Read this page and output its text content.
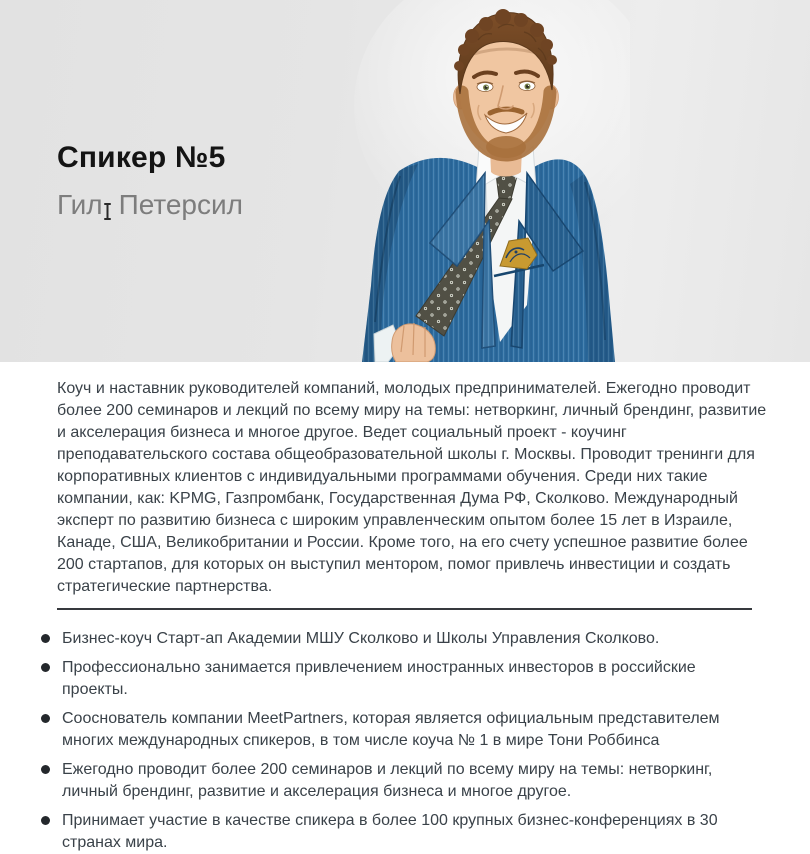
Спикер №5
Гил Петерсил

Коуч и наставник руководителей компаний, молодых предпринимателей. Ежегодно проводит более 200 семинаров и лекций по всему миру на темы: нетворкинг, личный брендинг, развитие и акселерация бизнеса и многое другое. Ведет социальный проект - коучинг преподавательского состава общеобразовательной школы г. Москвы. Проводит тренинги для корпоративных клиентов с индивидуальными программами обучения. Среди них такие компании, как: KPMG, Газпромбанк, Государственная Дума РФ, Сколково. Международный эксперт по развитию бизнеса с широким управленческим опытом более 15 лет в Израиле, Канаде, США, Великобритании и России. Кроме того, на его счету успешное развитие более 200 стартапов, для которых он выступил ментором, помог привлечь инвестиции и создать стратегические партнерства.

Бизнес-коуч Старт-ап Академии МШУ Сколково и Школы Управления Сколково.
Профессионально занимается привлечением иностранных инвесторов в российские проекты.
Сооснователь компании MeetPartners, которая является официальным представителем многих международных спикеров, в том числе коуча № 1 в мире Тони Роббинса
Ежегодно проводит более 200 семинаров и лекций по всему миру на темы: нетворкинг, личный брендинг, развитие и акселерация бизнеса и многое другое.
Принимает участие в качестве спикера в более 100 крупных бизнес-конференциях в 30 странах мира.
